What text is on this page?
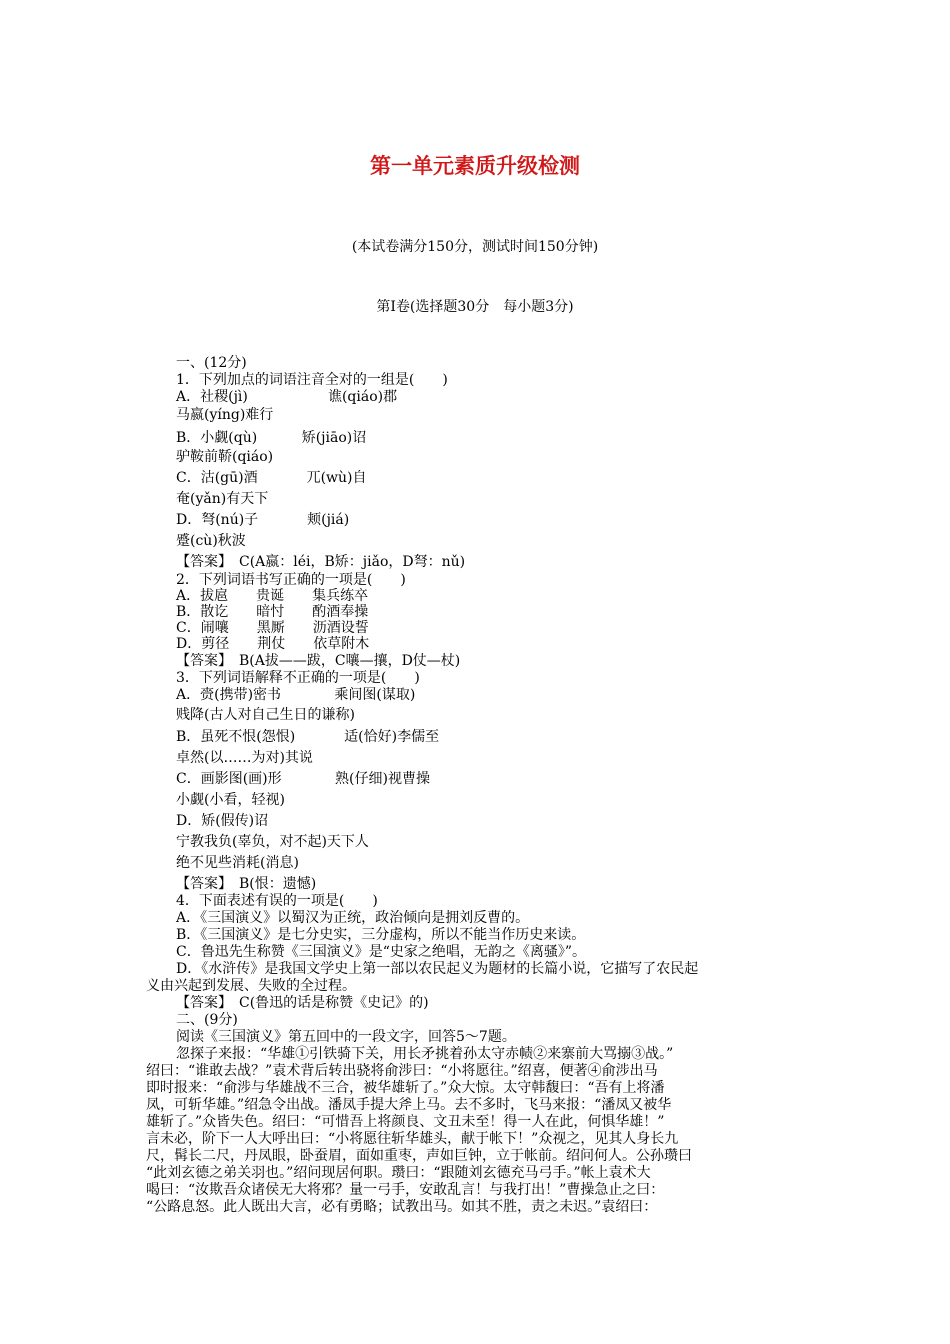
第一单元素质升级检测
(本试卷满分150分，测试时间150分钟)
第Ⅰ卷(选择题30分　每小题3分)
一、(12分)
1．下列加点的词语注音全对的一组是(　　)
A．社稷(jì)                  谯(qiáo)郡
马嬴(yíng)难行
B．小觑(qù)          矫(jiāo)诏
驴鞍前鞒(qiáo)
C．沽(gū)酒           兀(wù)自
奄(yǎn)有天下
D．弩(nú)子           颊(jiá)
蹙(cù)秋波
【答案】　C(A嬴：léi，B矫：jiǎo，D弩：nǔ)
2．下列词语书写正确的一项是(　　)
A．拔扈　　贵诞　　集兵练卒
B．散讫　　暗忖　　酌酒奉操
C．闹嚷　　黑厮　　沥酒设誓
D．剪径　　荆仗　　依草附木
【答案】　B(A拔——跋，C嚷—攘，D仗—杖)
3．下列词语解释不正确的一项是(　　)
A．赍(携带)密书            乘间图(谋取)
贱降(古人对自己生日的谦称)
B．虽死不恨(怨恨)           适(恰好)李儒至
卓然(以……为对)其说
C．画影图(画)形            熟(仔细)视曹操
小觑(小看，轻视)
D．矫(假传)诏
宁教我负(辜负，对不起)天下人
绝不见些消耗(消息)
【答案】　B(恨：遗憾)
4．下面表述有误的一项是(　　)
A．《三国演义》以蜀汉为正统，政治倾向是拥刘反曹的。
B．《三国演义》是七分史实，三分虚构，所以不能当作历史来读。
C．鲁迅先生称赞《三国演义》是“史家之绝唱，无韵之《离骚》”。
D．《水浒传》是我国文学史上第一部以农民起义为题材的长篇小说，它描写了农民起
义由兴起到发展、失败的全过程。
【答案】　C(鲁迅的话是称赞《史记》的)
二、(9分)
阅读《三国演义》第五回中的一段文字，回答5～7题。
忽探子来报：“华雄①引铁骑下关，用长矛挑着孙太守赤帻②来寨前大骂搦③战。”
绍曰：“谁敢去战？”袁术背后转出骁将俞涉曰：“小将愿往。”绍喜，便著④俞涉出马
即时报来：“俞涉与华雄战不三合，被华雄斩了。”众大惊。太守韩馥曰：“吾有上将潘
凤，可斩华雄。”绍急令出战。潘凤手提大斧上马。去不多时，飞马来报：“潘凤又被华
雄斩了。”众皆失色。绍曰：“可惜吾上将颜良、文丑未至！得一人在此，何惧华雄！”
言未必，阶下一人大呼出曰：“小将愿往斩华雄头，献于帐下！”众视之，见其人身长九
尺，髯长二尺，丹凤眼，卧蚕眉，面如重枣，声如巨钟，立于帐前。绍问何人。公孙瓒曰
“此刘玄德之弟关羽也。”绍问现居何职。瓒曰：“跟随刘玄德充马弓手。”帐上袁术大
喝曰：“汝欺吾众诸侯无大将邪？量一弓手，安敢乱言！与我打出！”曹操急止之曰：
“公路息怒。此人既出大言，必有勇略；试教出马。如其不胜，责之未迟。”袁绍曰：
